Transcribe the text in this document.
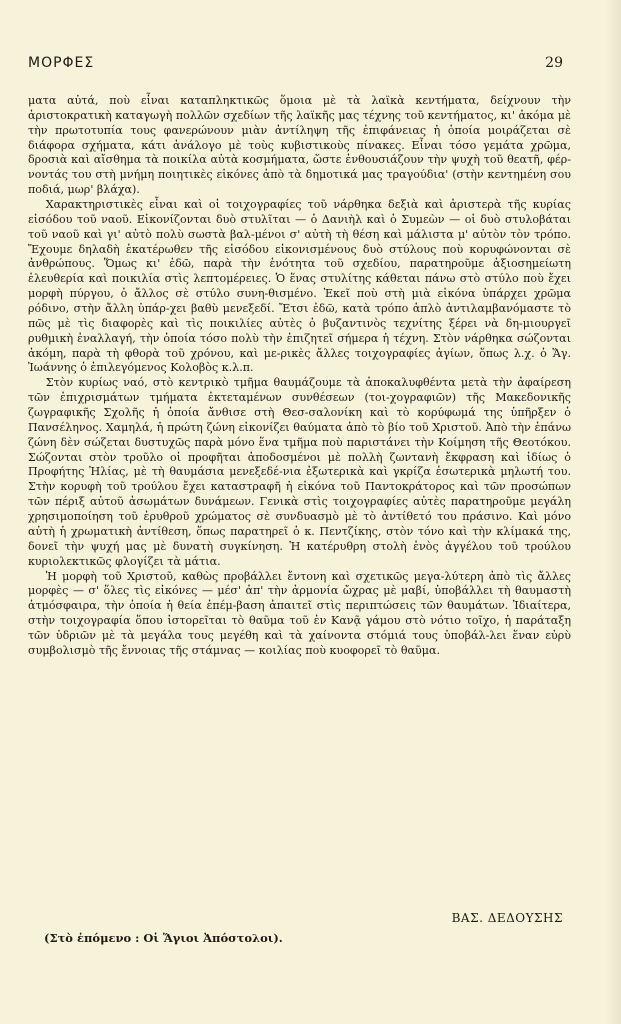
ΜΟΡΦΕΣ	29

ματα αὐτά, ποὺ εἶναι καταπληκτικῶς ὅμοια μὲ τὰ λαϊκὰ κεντήματα, δείχνουν τὴν ἀριστοκρατικὴ καταγωγὴ πολλῶν σχεδίων τῆς λαϊκῆς μας τέχνης τοῦ κεντήματος, κι' ἀκόμα μὲ τὴν πρωτοτυπία τους φανερώνουν μιὰν ἀντίληψη τῆς ἐπιφάνειας ἡ ὁποία μοιράζεται σὲ διάφορα σχήματα, κάτι ἀνάλογο μὲ τοὺς κυβιστικοὺς πίνακες. Εἶναι τόσο γεμάτα χρῶμα, δροσιὰ καὶ αἴσθημα τὰ ποικίλα αὐτὰ κοσμήματα, ὥστε ἐνθουσιάζουν τὴν ψυχὴ τοῦ θεατῆ, φέρ-νοντάς του στὴ μνήμη ποιητικὲς εἰκόνες ἀπὸ τὰ δημοτικά μας τραγούδια' (στὴν κεντημένη σου ποδιά, μωρ' βλάχα).

Χαρακτηριστικὲς εἶναι καὶ οἱ τοιχογραφίες τοῦ νάρθηκα δεξιὰ καὶ ἀριστερὰ τῆς κυρίας εἰσόδου τοῦ ναοῦ. Εἰκονίζονται δυὸ στυλῖται — ὁ Δανιὴλ καὶ ὁ Συμεὼν — οἱ δυὸ στυλοβάται τοῦ ναοῦ καὶ γι' αὐτὸ πολὺ σωστὰ βαλ-μένοι σ' αὐτὴ τὴ θέση καὶ μάλιστα μ' αὐτὸν τὸν τρόπο. Ἔχουμε δηλαδὴ ἑκατέρωθεν τῆς εἰσόδου εἰκονισμένους δυὸ στύλους ποὺ κορυφώνονται σὲ ἀνθρώπους. Ὅμως κι' ἐδῶ, παρὰ τὴν ἑνότητα τοῦ σχεδίου, παρατηροῦμε ἀξιοσημείωτη ἐλευθερία καὶ ποικιλία στὶς λεπτομέρειες. Ὁ ἕνας στυλίτης κάθεται πάνω στὸ στύλο ποὺ ἔχει μορφὴ πύργου, ὁ ἄλλος σὲ στύλο συνη-θισμένο. Ἐκεῖ ποὺ στὴ μιὰ εἰκόνα ὑπάρχει χρῶμα ρόδινο, στὴν ἄλλη ὑπάρ-χει βαθὺ μενεξεδί. Ἔτσι ἐδῶ, κατὰ τρόπο ἁπλὸ ἀντιλαμβανόμαστε τὸ πῶς μὲ τὶς διαφορὲς καὶ τὶς ποικιλίες αὐτὲς ὁ βυζαντινὸς τεχνίτης ξέρει νὰ δη-μιουργεῖ ρυθμικὴ ἐναλλαγή, τὴν ὁποία τόσο πολὺ τὴν ἐπιζητεῖ σήμερα ἡ τέχνη. Στὸν νάρθηκα σώζονται ἀκόμη, παρὰ τὴ φθορὰ τοῦ χρόνου, καὶ με-ρικὲς ἄλλες τοιχογραφίες ἁγίων, ὅπως λ.χ. ὁ Ἅγ. Ἰωάννης ὁ ἐπιλεγόμενος Κολοβὸς κ.λ.π.

Στὸν κυρίως ναό, στὸ κεντρικὸ τμῆμα θαυμάζουμε τὰ ἀποκαλυφθέντα μετὰ τὴν ἀφαίρεση τῶν ἐπιχρισμάτων τμήματα ἐκτεταμένων συνθέσεων (τοι-χογραφιῶν) τῆς Μακεδονικῆς ζωγραφικῆς Σχολῆς ἡ ὁποία ἄνθισε στὴ Θεσ-σαλονίκη καὶ τὸ κορύφωμά της ὑπῆρξεν ὁ Πανσέληνος. Χαμηλά, ἡ πρώτη ζώνη εἰκονίζει θαύματα ἀπὸ τὸ βίο τοῦ Χριστοῦ. Ἀπὸ τὴν ἐπάνω ζώνη δὲν σώζεται δυστυχῶς παρὰ μόνο ἕνα τμῆμα ποὺ παριστάνει τὴν Κοίμηση τῆς Θεοτόκου. Σώζονται στὸν τροῦλο οἱ προφῆται ἀποδοσμένοι μὲ πολλὴ ζωντανὴ ἔκφραση καὶ ἰδίως ὁ Προφήτης Ἠλίας, μὲ τὴ θαυμάσια μενεξεδέ-νια ἐξωτερικὰ καὶ γκρίζα ἐσωτερικὰ μηλωτή του. Στὴν κορυφὴ τοῦ τρούλου ἔχει καταστραφῆ ἡ εἰκόνα τοῦ Παντοκράτορος καὶ τῶν προσώπων τῶν πέριξ αὐτοῦ ἀσωμάτων δυνάμεων. Γενικὰ στὶς τοιχογραφίες αὐτὲς παρατηροῦμε μεγάλη χρησιμοποίηση τοῦ ἐρυθροῦ χρώματος σὲ συνδυασμὸ μὲ τὸ ἀντίθετό του πράσινο. Καὶ μόνο αὐτὴ ἡ χρωματικὴ ἀντίθεση, ὅπως παρατηρεῖ ὁ κ. Πεντζίκης, στὸν τόνο καὶ τὴν κλίμακά της, δονεῖ τὴν ψυχή μας μὲ δυνατὴ συγκίνηση. Ἡ κατέρυθρη στολὴ ἑνὸς ἀγγέλου τοῦ τρούλου κυριολεκτικῶς φλογίζει τὰ μάτια.

Ἡ μορφὴ τοῦ Χριστοῦ, καθὼς προβάλλει ἔντονη καὶ σχετικῶς μεγα-λύτερη ἀπὸ τὶς ἄλλες μορφὲς — σ' ὅλες τὶς εἰκόνες — μέσ' ἀπ' τὴν ἁρμονία ὤχρας μὲ μαβί, ὑποβάλλει τὴ θαυμαστὴ ἀτμόσφαιρα, τὴν ὁποία ἡ θεία ἐπέμ-βαση ἀπαιτεῖ στὶς περιπτώσεις τῶν θαυμάτων. Ἰδιαίτερα, στὴν τοιχογραφία ὅπου ἱστορεῖται τὸ θαῦμα τοῦ ἐν Κανᾷ γάμου στὸ νότιο τοῖχο, ἡ παράταξη τῶν ὑδριῶν μὲ τὰ μεγάλα τους μεγέθη καὶ τὰ χαίνοντα στόμιά τους ὑποβάλ-λει ἕναν εὐρὺ συμβολισμὸ τῆς ἔννοιας τῆς στάμνας — κοιλίας ποὺ κυοφορεῖ τὸ θαῦμα.

ΒΑΣ. ΔΕΔΟΥΣΗΣ
(Στὸ ἑπόμενο : Οἱ Ἅγιοι Ἀπόστολοι).
